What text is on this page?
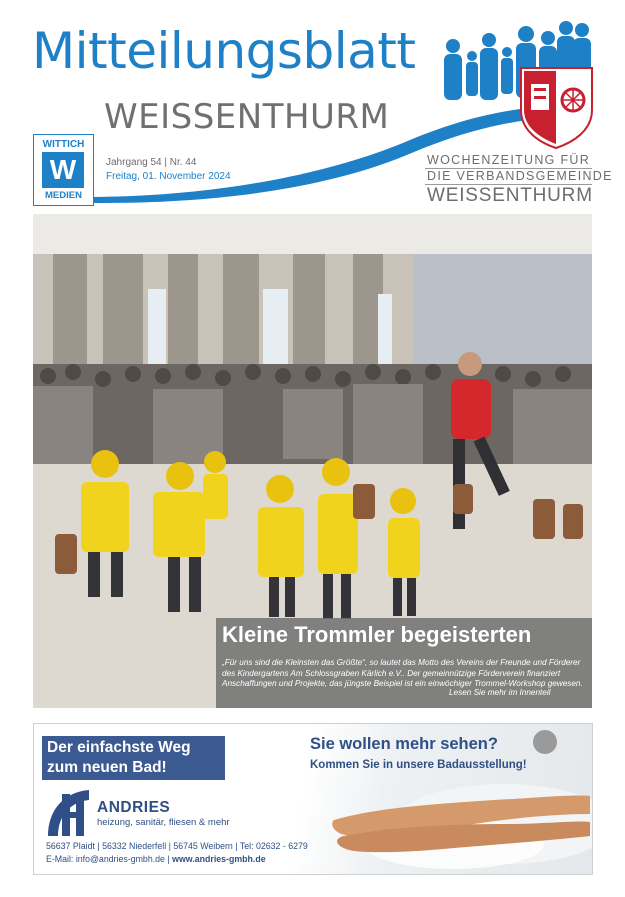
Mitteilungsblatt
WEISSENTHURM
WITTICH
W
MEDIEN
Jahrgang 54 | Nr. 44
Freitag, 01. November 2024
WOCHENZEITUNG FÜR
DIE VERBANDSGEMEINDE
WEISSENTHURM
Kleine Trommler begeisterten
„Für uns sind die Kleinsten das Größte“, so lautet das Motto des Vereins der Freunde und Förderer des Kindergartens Am Schlossgraben Kärlich e.V.. Der gemeinnützige Förderverein finanziert Anschaffungen und Projekte, das jüngste Beispiel ist ein einwöchiger Trommel-Workshop gewesen.
Lesen Sie mehr im Innenteil
Der einfachste Weg
zum neuen Bad!
Sie wollen mehr sehen?
Kommen Sie in unsere Badausstellung!
ANDRIES
heizung, sanitär, fliesen & mehr
56637 Plaidt | 56332 Niederfell | 56745 Weibern | Tel: 02632 - 6279
E-Mail: info@andries-gmbh.de | www.andries-gmbh.de
